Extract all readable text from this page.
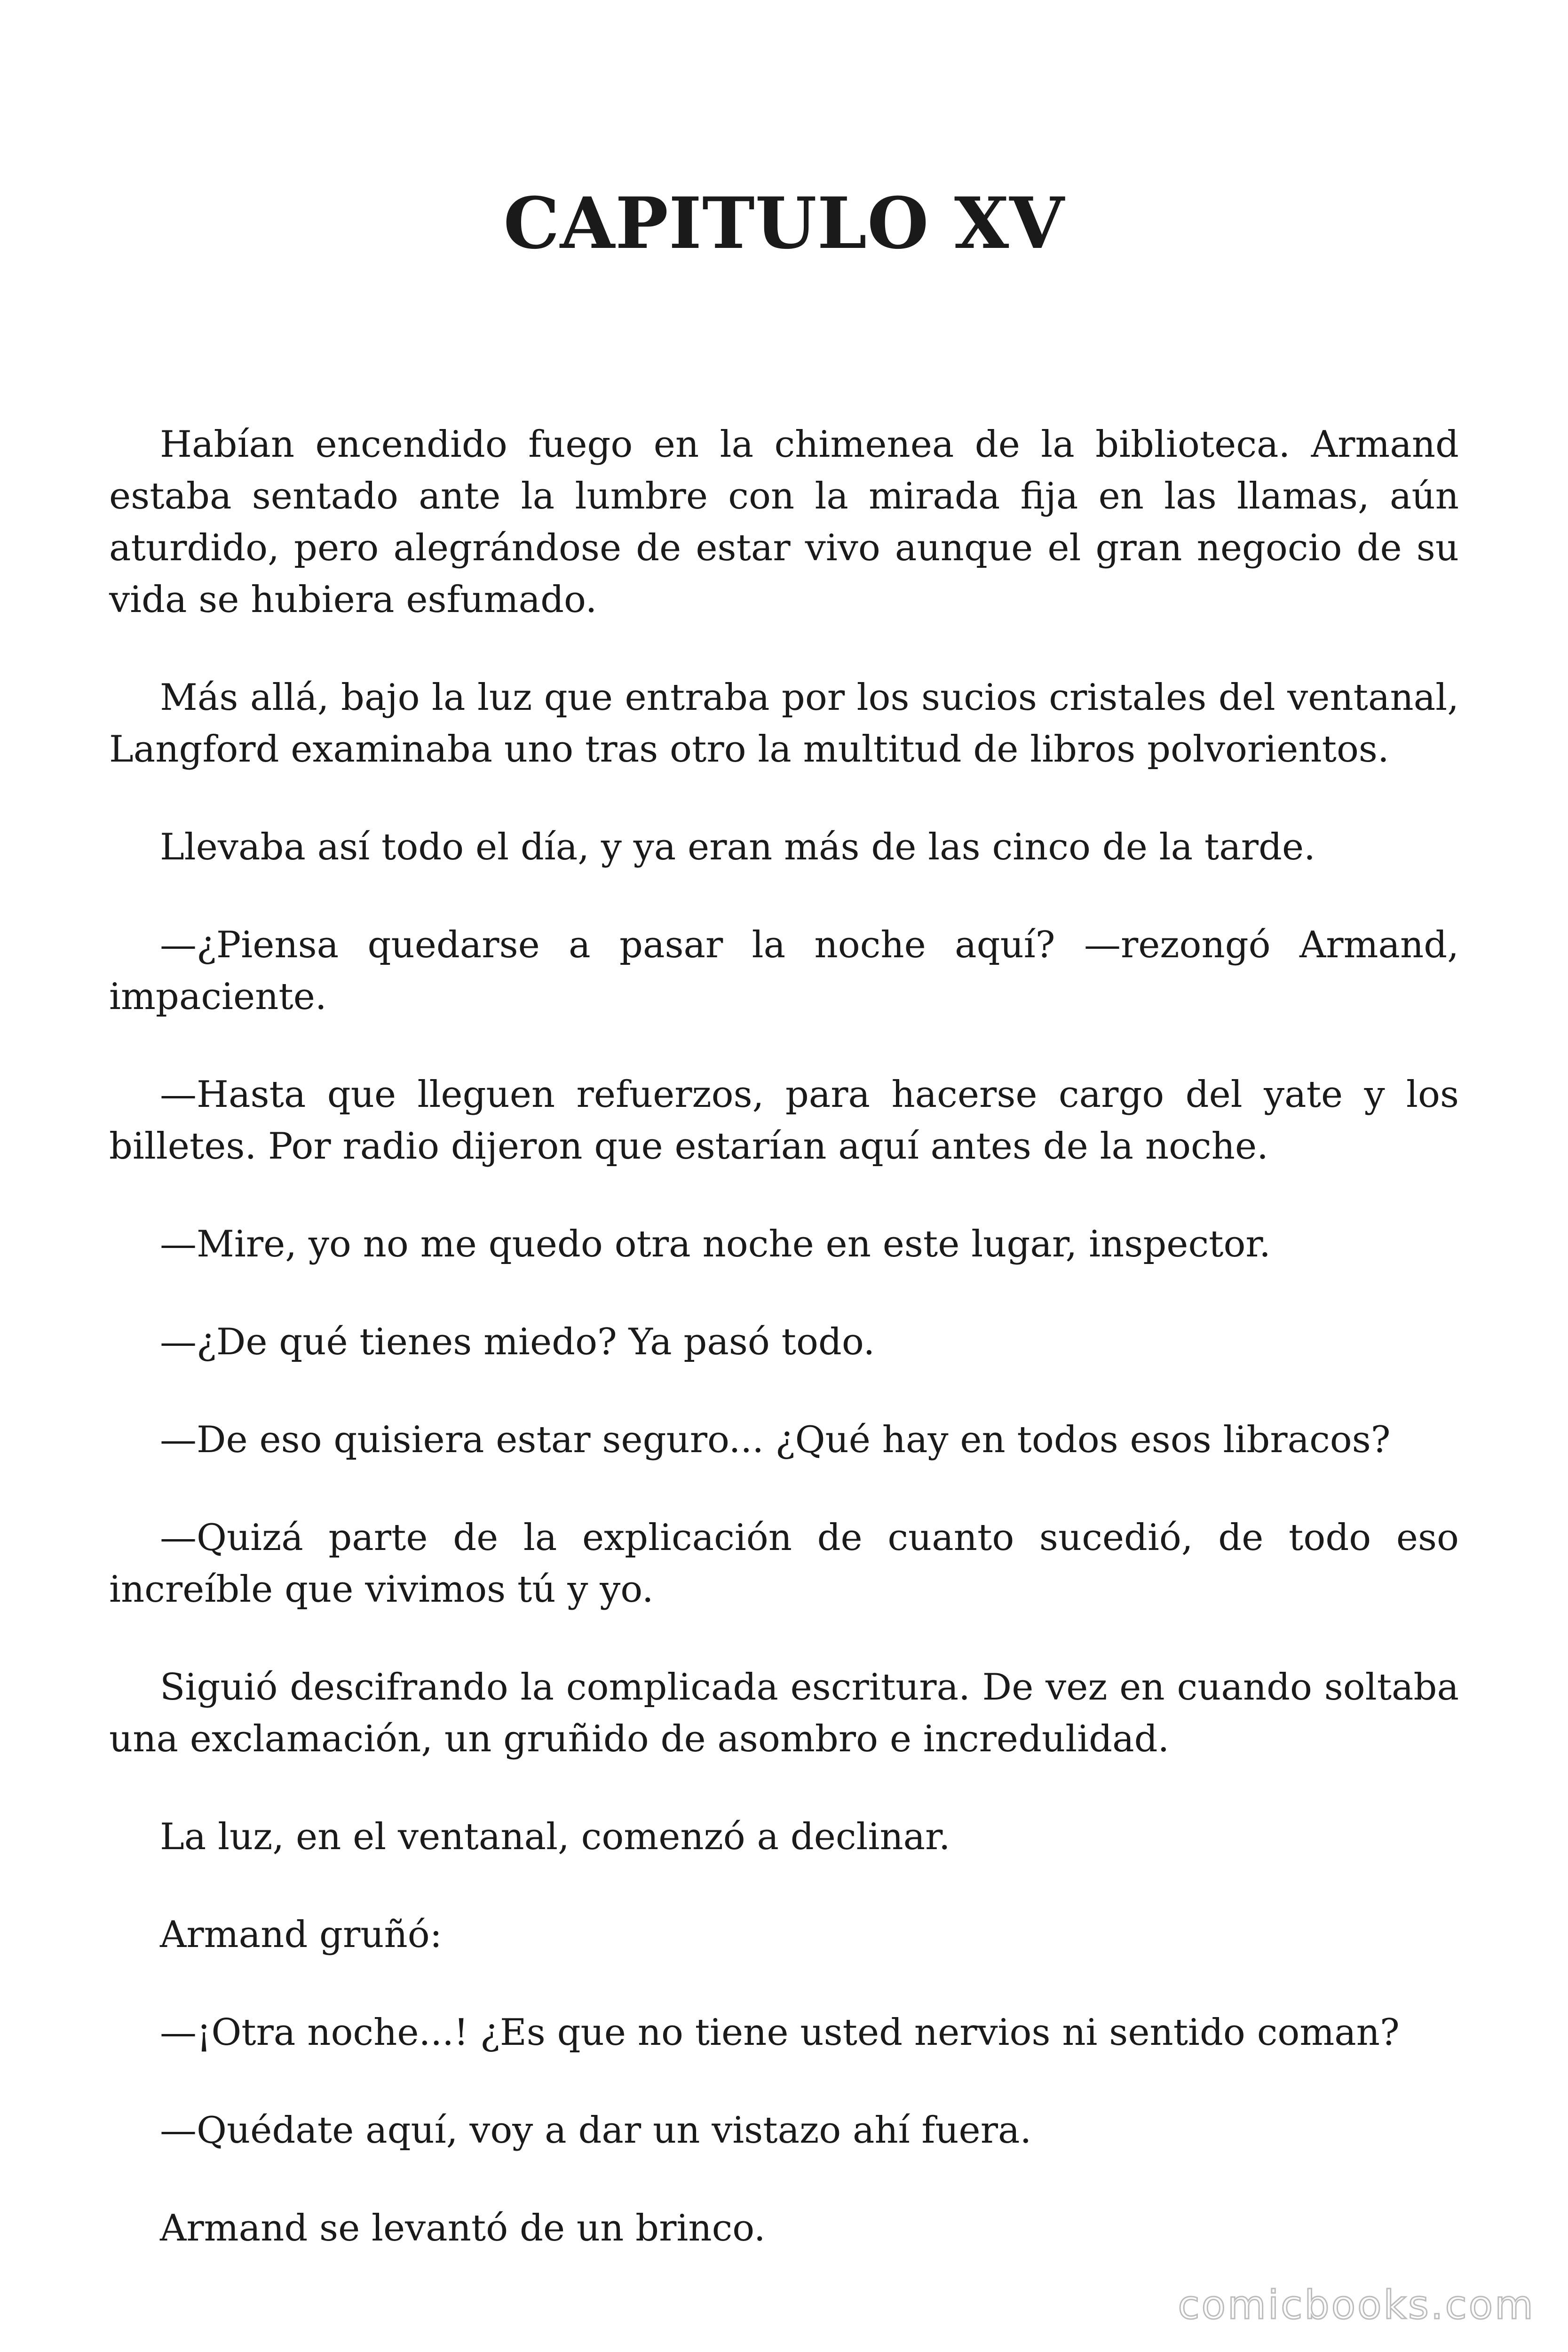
CAPITULO XV

Habían encendido fuego en la chimenea de la biblioteca. Armand estaba sentado ante la lumbre con la mirada fija en las llamas, aún aturdido, pero alegrándose de estar vivo aunque el gran negocio de su vida se hubiera esfumado.

Más allá, bajo la luz que entraba por los sucios cristales del ventanal, Langford examinaba uno tras otro la multitud de libros polvorientos.

Llevaba así todo el día, y ya eran más de las cinco de la tarde.

—¿Piensa quedarse a pasar la noche aquí? —rezongó Armand, impaciente.

—Hasta que lleguen refuerzos, para hacerse cargo del yate y los billetes. Por radio dijeron que estarían aquí antes de la noche.

—Mire, yo no me quedo otra noche en este lugar, inspector.

—¿De qué tienes miedo? Ya pasó todo.

—De eso quisiera estar seguro... ¿Qué hay en todos esos libracos?

—Quizá parte de la explicación de cuanto sucedió, de todo eso increíble que vivimos tú y yo.

Siguió descifrando la complicada escritura. De vez en cuando soltaba una exclamación, un gruñido de asombro e incredulidad.

La luz, en el ventanal, comenzó a declinar.

Armand gruñó:

—¡Otra noche...! ¿Es que no tiene usted nervios ni sentido coman?

—Quédate aquí, voy a dar un vistazo ahí fuera.

Armand se levantó de un brinco.

comicbooks.com
